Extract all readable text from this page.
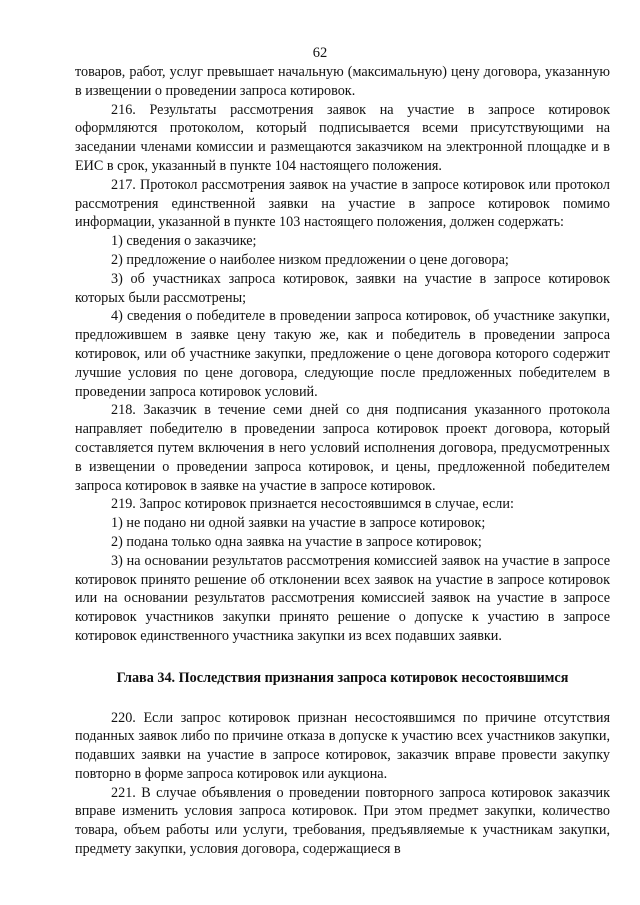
62

товаров, работ, услуг превышает начальную (максимальную) цену договора, указанную в извещении о проведении запроса котировок.

216. Результаты рассмотрения заявок на участие в запросе котировок оформляются протоколом, который подписывается всеми присутствующими на заседании членами комиссии и размещаются заказчиком на электронной площадке и в ЕИС в срок, указанный в пункте 104 настоящего положения.

217. Протокол рассмотрения заявок на участие в запросе котировок или протокол рассмотрения единственной заявки на участие в запросе котировок помимо информации, указанной в пункте 103 настоящего положения, должен содержать:

1) сведения о заказчике;

2) предложение о наиболее низком предложении о цене договора;

3) об участниках запроса котировок, заявки на участие в запросе котировок которых были рассмотрены;

4) сведения о победителе в проведении запроса котировок, об участнике закупки, предложившем в заявке цену такую же, как и победитель в проведении запроса котировок, или об участнике закупки, предложение о цене договора которого содержит лучшие условия по цене договора, следующие после предложенных победителем в проведении запроса котировок условий.

218. Заказчик в течение семи дней со дня подписания указанного протокола направляет победителю в проведении запроса котировок проект договора, который составляется путем включения в него условий исполнения договора, предусмотренных в извещении о проведении запроса котировок, и цены, предложенной победителем запроса котировок в заявке на участие в запросе котировок.

219. Запрос котировок признается несостоявшимся в случае, если:

1) не подано ни одной заявки на участие в запросе котировок;

2) подана только одна заявка на участие в запросе котировок;

3) на основании результатов рассмотрения комиссией заявок на участие в запросе котировок принято решение об отклонении всех заявок на участие в запросе котировок или на основании результатов рассмотрения комиссией заявок на участие в запросе котировок участников закупки принято решение о допуске к участию в запросе котировок единственного участника закупки из всех подавших заявки.

Глава 34. Последствия признания запроса котировок несостоявшимся

220. Если запрос котировок признан несостоявшимся по причине отсутствия поданных заявок либо по причине отказа в допуске к участию всех участников закупки, подавших заявки на участие в запросе котировок, заказчик вправе провести закупку повторно в форме запроса котировок или аукциона.

221. В случае объявления о проведении повторного запроса котировок заказчик вправе изменить условия запроса котировок. При этом предмет закупки, количество товара, объем работы или услуги, требования, предъявляемые к участникам закупки, предмету закупки, условия договора, содержащиеся в
